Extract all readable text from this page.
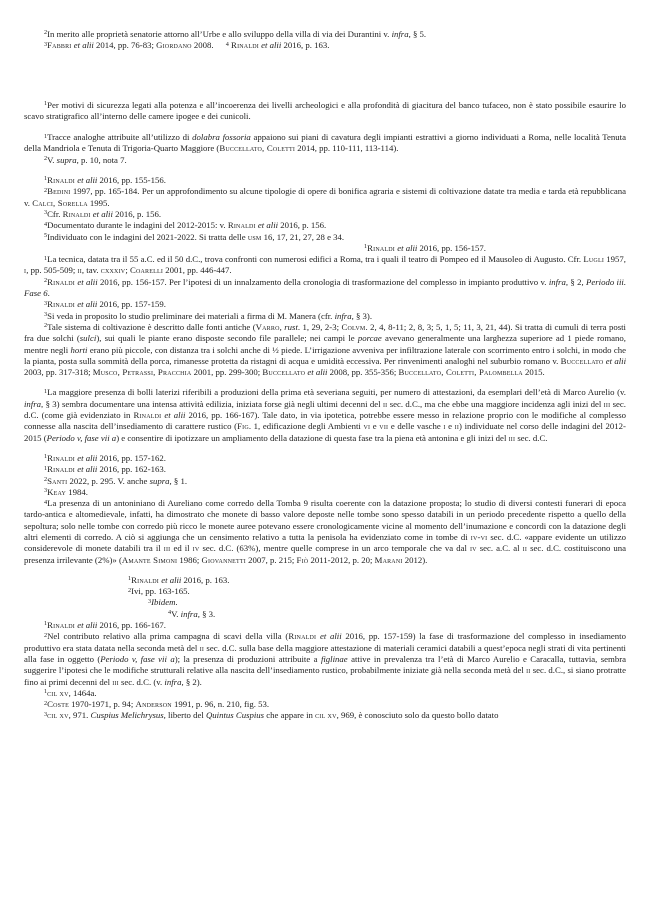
2In merito alle proprietà senatorie attorno all’Urbe e allo sviluppo della villa di via dei Durantini v. infra, § 5.

3Fabbri et alii 2014, pp. 76-83; Giordano 2008. 4 Rinaldi et alii 2016, p. 163.

1Per motivi di sicurezza legati alla potenza e all’incoerenza dei livelli archeologici e alla profondità di giacitura del banco tufaceo, non è stato possibile esaurire lo scavo stratigrafico all’interno delle camere ipogee e dei cunicoli.

1Tracce analoghe attribuite all’utilizzo di dolabra fossoria appaiono sui piani di cavatura degli impianti estrattivi a giorno individuati a Roma, nelle località Tenuta della Mandriola e Tenuta di Trigoria-Quarto Maggiore (Buccellato, Coletti 2014, pp. 110-111, 113-114).

2V. supra, p. 10, nota 7.

1Rinaldi et alii 2016, pp. 155-156.

2Bedini 1997, pp. 165-184. Per un approfondimento su alcune tipologie di opere di bonifica agraria e sistemi di coltivazione datate tra media e tarda età repubblicana v. Calci, Sorella 1995.

3Cfr. Rinaldi et alii 2016, p. 156.

4Documentato durante le indagini del 2012-2015: v. Rinaldi et alii 2016, p. 156.

5Individuato con le indagini del 2021-2022. Si tratta delle usm 16, 17, 21, 27, 28 e 34.

1Rinaldi et alii 2016, pp. 156-157.

1La tecnica, datata tra il 55 a.C. ed il 50 d.C., trova confronti con numerosi edifici a Roma, tra i quali il teatro di Pompeo ed il Mausoleo di Augusto. Cfr. Lugli 1957, i, pp. 505-509; ii, tav. cxxxiv; Coarelli 2001, pp. 446-447.

2Rinaldi et alii 2016, pp. 156-157. Per l’ipotesi di un innalzamento della cronologia di trasformazione del complesso in impianto produttivo v. infra, § 2, Periodo iii. Fase 6.

3Rinaldi et alii 2016, pp. 157-159.

3Si veda in proposito lo studio preliminare dei materiali a firma di M. Manera (cfr. infra, § 3).

2Tale sistema di coltivazione è descritto dalle fonti antiche (Varro, rust. 1, 29, 2-3; Colvm. 2, 4, 8-11; 2, 8, 3; 5, 1, 5; 11, 3, 21, 44). Si tratta di cumuli di terra posti fra due solchi (sulci), sui quali le piante erano disposte secondo file parallele; nei campi le porcae avevano generalmente una larghezza superiore ad 1 piede romano, mentre negli horti erano più piccole, con distanza tra i solchi anche di ½ piede. L’irrigazione avveniva per infiltrazione laterale con scorrimento entro i solchi, in modo che la pianta, posta sulla sommità della porca, rimanesse protetta da ristagni di acqua e umidità eccessiva. Per rinvenimenti analoghi nel suburbio romano v. Buccellato et alii 2003, pp. 317-318; Musco, Petrassi, Pracchia 2001, pp. 299-300; Buccellato et alii 2008, pp. 355-356; Buccellato, Coletti, Palombella 2015.

1La maggiore presenza di bolli laterizi riferibili a produzioni della prima età severiana seguiti, per numero di attestazioni, da esemplari dell’età di Marco Aurelio (v. infra, § 3) sembra documentare una intensa attività edilizia, iniziata forse già negli ultimi decenni del ii sec. d.C., ma che ebbe una maggiore incidenza agli inizi del iii sec. d.C. (come già evidenziato in Rinaldi et alii 2016, pp. 166-167). Tale dato, in via ipotetica, potrebbe essere messo in relazione proprio con le modifiche al complesso connesse alla nascita dell’insediamento di carattere rustico (Fig. 1, edificazione degli Ambienti vi e vii e delle vasche i e ii) individuate nel corso delle indagini del 2012-2015 (Periodo v, fase vii a) e consentire di ipotizzare un ampliamento della datazione di questa fase tra la piena età antonina e gli inizi del iii sec. d.C.

1Rinaldi et alii 2016, pp. 157-162.

1Rinaldi et alii 2016, pp. 162-163.

2Santi 2022, p. 295. V. anche supra, § 1.

3Keay 1984.

4La presenza di un antoniniano di Aureliano come corredo della Tomba 9 risulta coerente con la datazione proposta; lo studio di diversi contesti funerari di epoca tardo-antica e altomedievale, infatti, ha dimostrato che monete di basso valore deposte nelle tombe sono spesso databili in un periodo precedente rispetto a quello della sepoltura; solo nelle tombe con corredo più ricco le monete auree potevano essere cronologicamente vicine al momento dell’inumazione e concordi con la datazione degli altri elementi di corredo. A ciò si aggiunga che un censimento relativo a tutta la penisola ha evidenziato come in tombe di iv-vi sec. d.C. «appare evidente un utilizzo considerevole di monete databili tra il iii ed il iv sec. d.C. (63%), mentre quelle comprese in un arco temporale che va dal iv sec. a.C. al ii sec. d.C. costituiscono una presenza irrilevante (2%)» (Amante Simoni 1986; Giovannetti 2007, p. 215; Fiò 2011-2012, p. 20; Marani 2012).

1Rinaldi et alii 2016, p. 163.

2Ivi, pp. 163-165.

3Ibidem.

4V. infra, § 3.

1Rinaldi et alii 2016, pp. 166-167.

2Nel contributo relativo alla prima campagna di scavi della villa (Rinaldi et alii 2016, pp. 157-159) la fase di trasformazione del complesso in insediamento produttivo era stata datata nella seconda metà del ii sec. d.C. sulla base della maggiore attestazione di materiali ceramici databili a quest’epoca negli strati di vita pertinenti alla fase in oggetto (Periodo v, fase vii a); la presenza di produzioni attribuite a figlinae attive in prevalenza tra l’età di Marco Aurelio e Caracalla, tuttavia, sembra suggerire l’ipotesi che le modifiche strutturali relative alla nascita dell’insediamento rustico, probabilmente iniziate già nella seconda metà del ii sec. d.C., si siano protratte fino ai primi decenni del iii sec. d.C. (v. infra, § 2).

1cil xv, 1464a.

2Coste 1970-1971, p. 94; Anderson 1991, p. 96, n. 210, fig. 53.

3cil xv, 971. Cuspius Melichrysus, liberto del Quintus Cuspius che appare in cil xv, 969, è conosciuto solo da questo bollo datato
